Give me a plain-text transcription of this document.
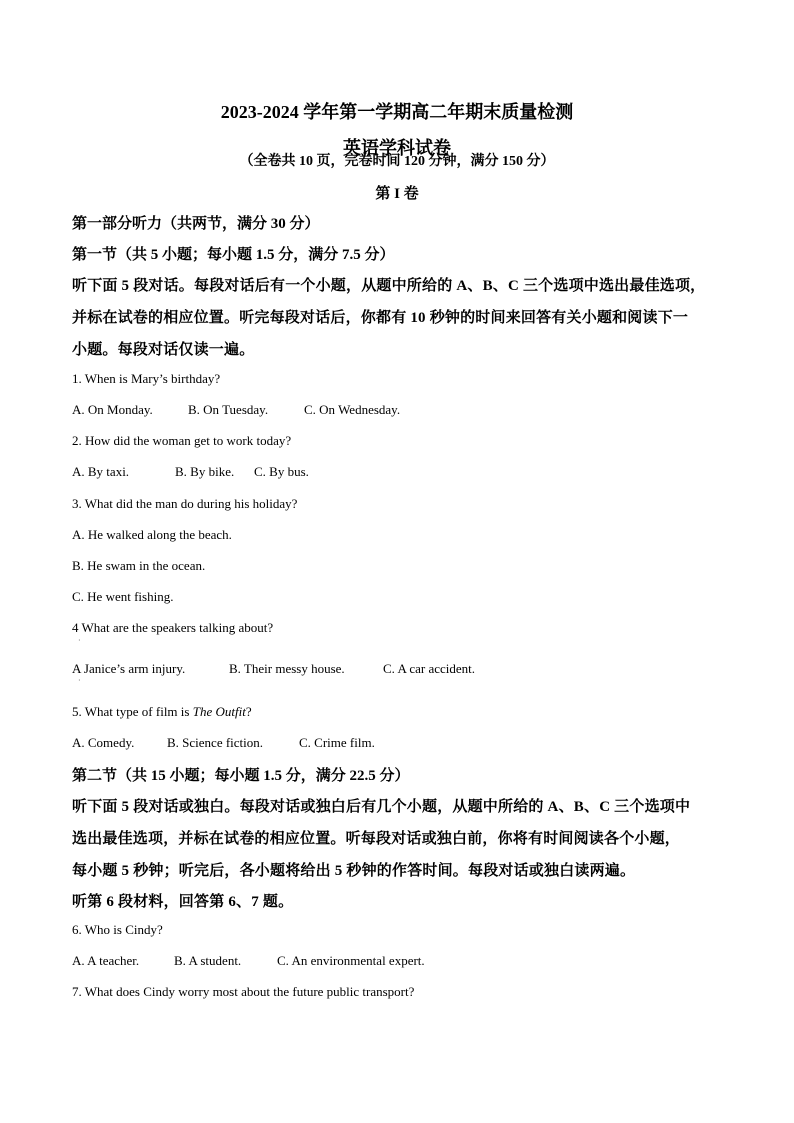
2023-2024 学年第一学期高二年期末质量检测
英语学科试卷
（全卷共 10 页，完卷时间 120 分钟，满分 150 分）
第 I 卷
第一部分听力（共两节，满分 30 分）
第一节（共 5 小题；每小题 1.5 分，满分 7.5 分）
听下面 5 段对话。每段对话后有一个小题，从题中所给的 A、B、C 三个选项中选出最佳选项，
并标在试卷的相应位置。听完每段对话后，你都有 10 秒钟的时间来回答有关小题和阅读下一
小题。每段对话仅读一遍。
1. When is Mary’s birthday?
A. On Monday.	B. On Tuesday.	C. On Wednesday.
2. How did the woman get to work today?
A. By taxi.	B. By bike. C. By bus.
3. What did the man do during his holiday?
A. He walked along the beach.
B. He swam in the ocean.
C. He went fishing.
4 What are the speakers talking about?
·
A Janice’s arm injury.	B. Their messy house.	C. A car accident.
·
5. What type of film is The Outfit?
A. Comedy.	B. Science fiction.	C. Crime film.
第二节（共 15 小题；每小题 1.5 分，满分 22.5 分）
听下面 5 段对话或独白。每段对话或独白后有几个小题，从题中所给的 A、B、C 三个选项中
选出最佳选项，并标在试卷的相应位置。听每段对话或独白前，你将有时间阅读各个小题，
每小题 5 秒钟；听完后，各小题将给出 5 秒钟的作答时间。每段对话或独白读两遍。
听第 6 段材料，回答第 6、7 题。
6. Who is Cindy?
A. A teacher.	B. A student.	C. An environmental expert.
7. What does Cindy worry most about the future public transport?
